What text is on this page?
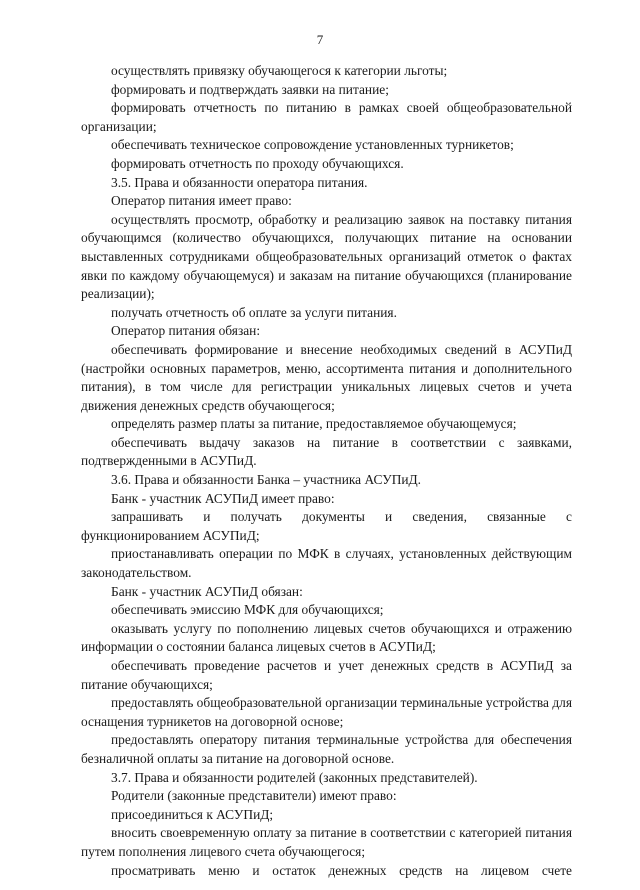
7

осуществлять привязку обучающегося к категории льготы;

формировать и подтверждать заявки на питание;

формировать отчетность по питанию в рамках своей общеобразовательной организации;

обеспечивать техническое сопровождение установленных турникетов;

формировать отчетность по проходу обучающихся.

3.5. Права и обязанности оператора питания.

Оператор питания имеет право:

осуществлять просмотр, обработку и реализацию заявок на поставку питания обучающимся (количество обучающихся, получающих питание на основании выставленных сотрудниками общеобразовательных организаций отметок о фактах явки по каждому обучающемуся) и заказам на питание обучающихся (планирование реализации);

получать отчетность об оплате за услуги питания.

Оператор питания обязан:

обеспечивать формирование и внесение необходимых сведений в АСУПиД (настройки основных параметров, меню, ассортимента питания и дополнительного питания), в том числе для регистрации уникальных лицевых счетов и учета движения денежных средств обучающегося;

определять размер платы за питание, предоставляемое обучающемуся;

обеспечивать выдачу заказов на питание в соответствии с заявками, подтвержденными в АСУПиД.

3.6. Права и обязанности Банка – участника АСУПиД.

Банк - участник АСУПиД имеет право:

запрашивать и получать документы и сведения, связанные с функционированием АСУПиД;

приостанавливать операции по МФК в случаях, установленных действующим законодательством.

Банк - участник АСУПиД обязан:

обеспечивать эмиссию МФК для обучающихся;

оказывать услугу по пополнению лицевых счетов обучающихся и отражению информации о состоянии баланса лицевых счетов в АСУПиД;

обеспечивать проведение расчетов и учет денежных средств в АСУПиД за питание обучающихся;

предоставлять общеобразовательной организации терминальные устройства для оснащения турникетов на договорной основе;

предоставлять оператору питания терминальные устройства для обеспечения безналичной оплаты за питание на договорной основе.

3.7. Права и обязанности родителей (законных представителей).

Родители (законные представители) имеют право:

присоединиться к АСУПиД;

вносить своевременную оплату за питание в соответствии с категорией питания путем пополнения лицевого счета обучающегося;

просматривать меню и остаток денежных средств на лицевом счете
